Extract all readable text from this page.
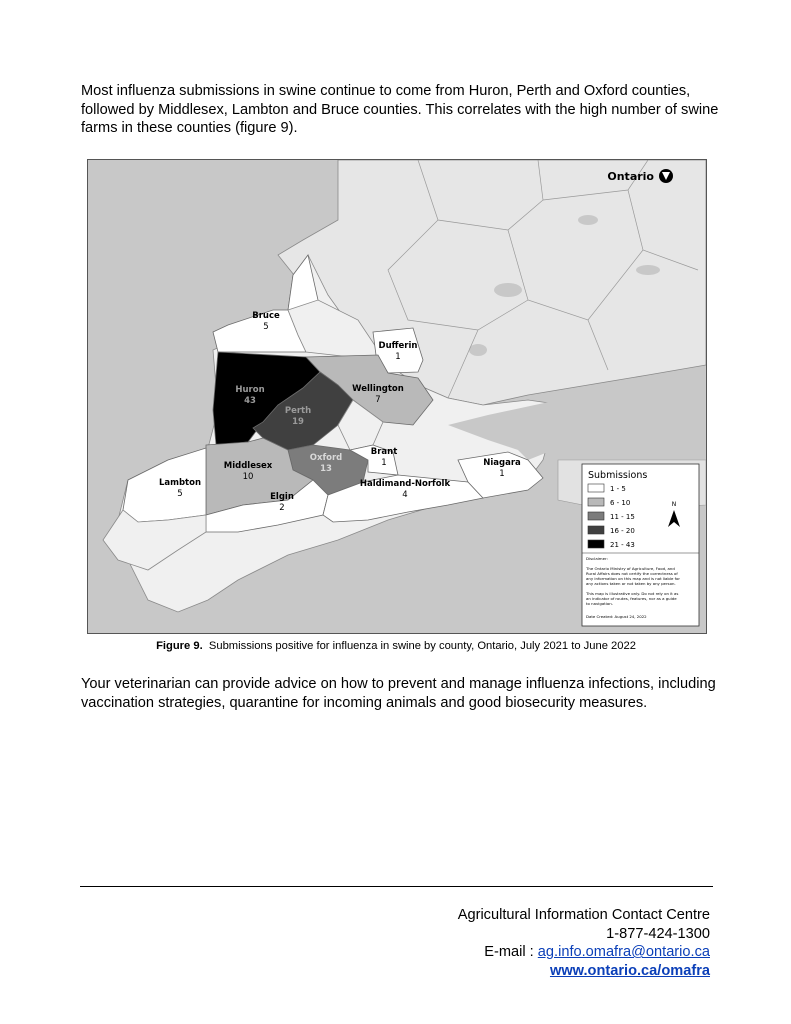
Most influenza submissions in swine continue to come from Huron, Perth and Oxford counties, followed by Middlesex, Lambton and Bruce counties. This correlates with the high number of swine farms in these counties (figure 9).

Bruce
5
Dufferin
1
Huron
43
Wellington
7
Perth
19
Brant
1
Oxford
13
Niagara
1
Middlesex
10
Lambton
5
Haldimand-Norfolk
4
Elgin
2
Ontario
Submissions
1 - 5
6 - 10
11 - 15
16 - 20
21 - 43
N
Disclaimer:
The Ontario Ministry of Agriculture, Food, and
Rural Affairs does not certify the correctness of
any information on this map and is not liable for
any actions taken or not taken by any person.
This map is illustrative only. Do not rely on it as
an indicator of routes, features, nor as a guide
to navigation.
Date Created: August 24, 2022

Figure 9. Submissions positive for influenza in swine by county, Ontario, July 2021 to June 2022

Your veterinarian can provide advice on how to prevent and manage influenza infections, including vaccination strategies, quarantine for incoming animals and good biosecurity measures.

Agricultural Information Contact Centre
1-877-424-1300
E-mail : ag.info.omafra@ontario.ca
www.ontario.ca/omafra
